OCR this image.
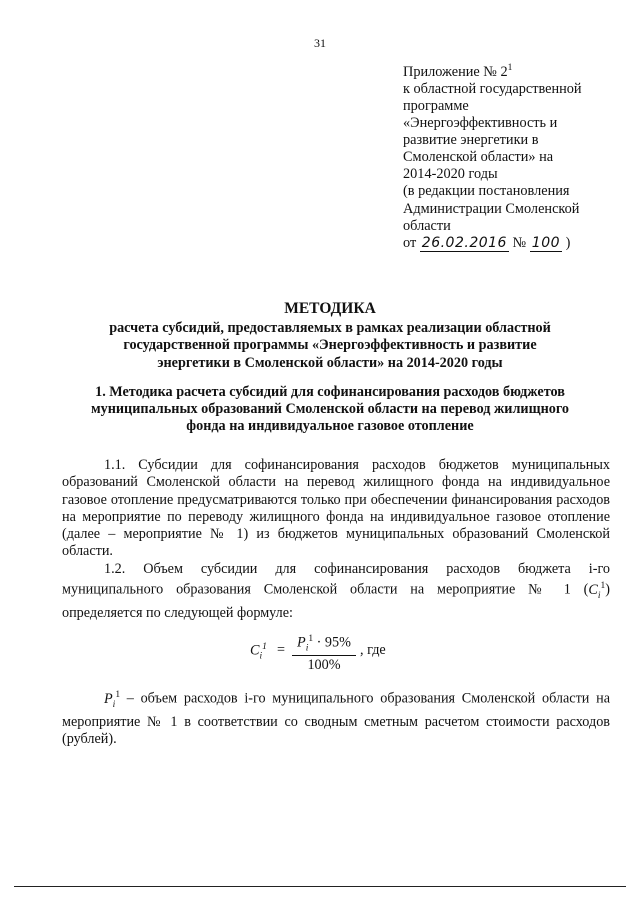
31
Приложение № $2^1$
к областной государственной
программе
«Энергоэффективность и
развитие энергетики в
Смоленской области» на
2014-2020 годы
(в редакции постановления
Администрации Смоленской
области
от 26.02.2016 № 100 )
МЕТОДИКА
расчета субсидий, предоставляемых в рамках реализации областной
государственной программы «Энергоэффективность и развитие
энергетики в Смоленской области» на 2014-2020 годы
1. Методика расчета субсидий для софинансирования расходов бюджетов
муниципальных образований Смоленской области на перевод жилищного
фонда на индивидуальное газовое отопление
1.1. Субсидии для софинансирования расходов бюджетов муниципальных образований Смоленской области на перевод жилищного фонда на индивидуальное газовое отопление предусматриваются только при обеспечении финансирования расходов на мероприятие по переводу жилищного фонда на индивидуальное газовое отопление (далее – мероприятие № 1) из бюджетов муниципальных образований Смоленской области.
1.2. Объем субсидии для софинансирования расходов бюджета i-го
муниципального образования Смоленской области на мероприятие № 1 $(C_i^1)$
определяется по следующей формуле:
$C_i^1 = \frac{P_i^1 \cdot 95\%}{100\%}$ , где
$P_i^1$ – объем расходов i-го муниципального образования Смоленской области на мероприятие № 1 в соответствии со сводным сметным расчетом стоимости расходов (рублей).
